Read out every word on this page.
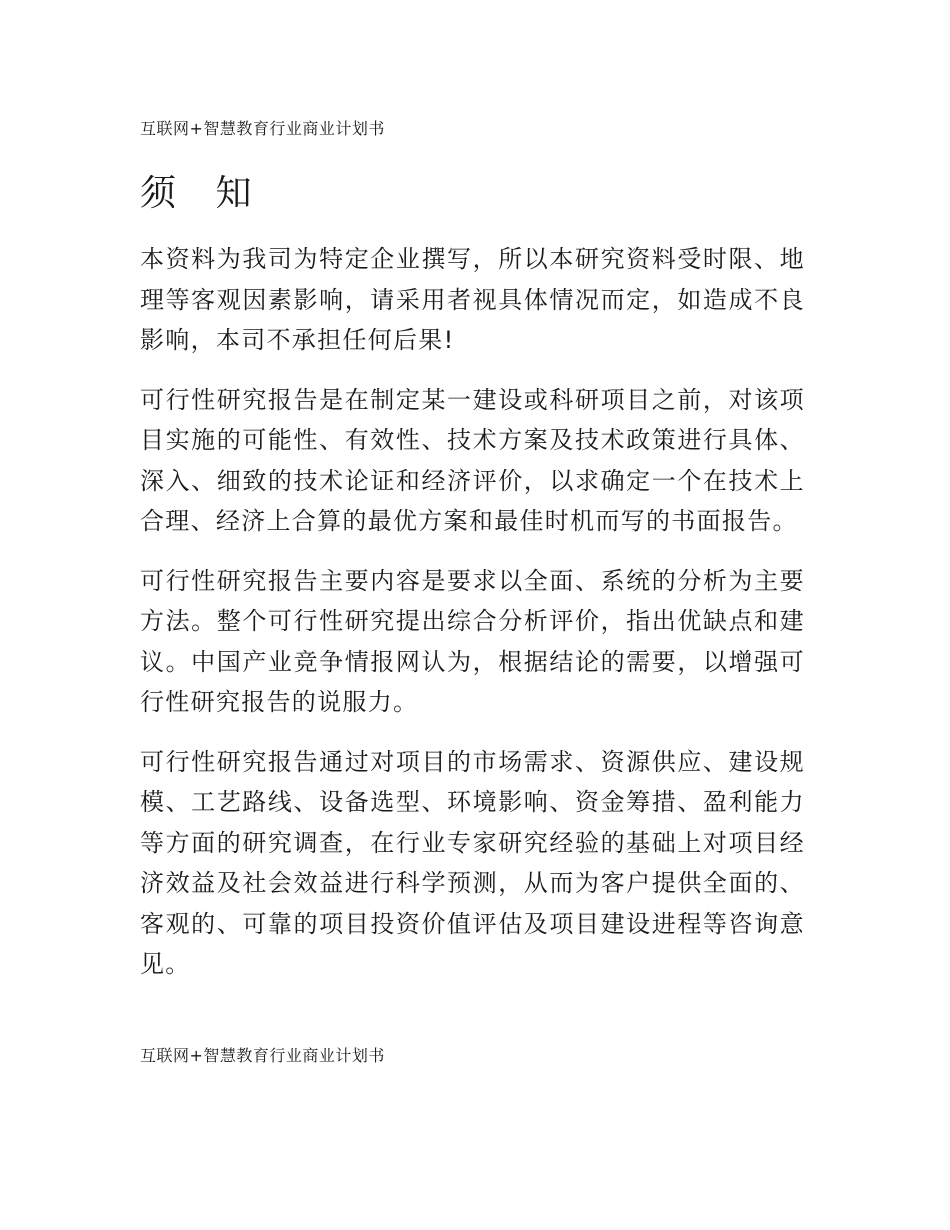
互联网+智慧教育行业商业计划书
须 知

本资料为我司为特定企业撰写，所以本研究资料受时限、地理等客观因素影响，请采用者视具体情况而定，如造成不良影响，本司不承担任何后果!

可行性研究报告是在制定某一建设或科研项目之前，对该项目实施的可能性、有效性、技术方案及技术政策进行具体、深入、细致的技术论证和经济评价，以求确定一个在技术上合理、经济上合算的最优方案和最佳时机而写的书面报告。

可行性研究报告主要内容是要求以全面、系统的分析为主要方法。整个可行性研究提出综合分析评价，指出优缺点和建议。中国产业竞争情报网认为，根据结论的需要，以增强可行性研究报告的说服力。

可行性研究报告通过对项目的市场需求、资源供应、建设规模、工艺路线、设备选型、环境影响、资金筹措、盈利能力等方面的研究调查，在行业专家研究经验的基础上对项目经济效益及社会效益进行科学预测，从而为客户提供全面的、客观的、可靠的项目投资价值评估及项目建设进程等咨询意见。

互联网+智慧教育行业商业计划书
